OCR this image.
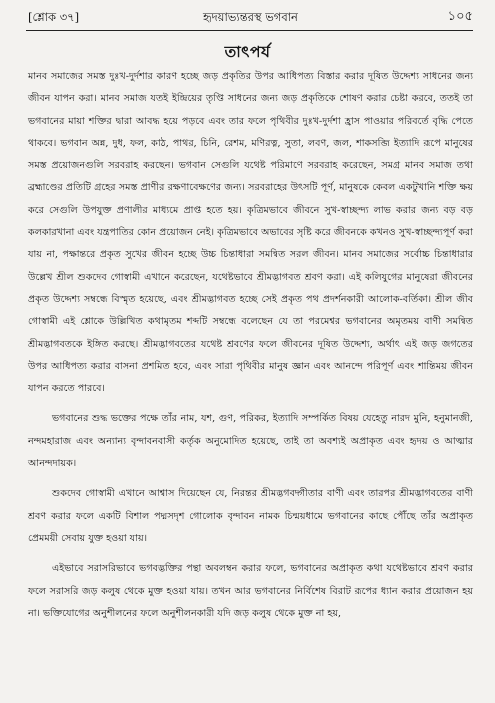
[শ্লোক ৩৭]	হৃদয়াভ্যন্তরস্থ ভগবান	১০৫
তাৎপর্য

মানব সমাজের সমস্ত দুঃখ-দুর্দশার কারণ হচ্ছে জড় প্রকৃতির উপর আধিপত্য বিস্তার করার দূষিত উদ্দেশ্য সাধনের জন্য জীবন যাপন করা। মানব সমাজ যতই ইন্দ্রিয়ের তৃপ্তি সাধনের জন্য জড় প্রকৃতিকে শোষণ করার চেষ্টা করবে, ততই তা ভগবানের মায়া শক্তির দ্বারা আবদ্ধ হয়ে পড়বে এবং তার ফলে পৃথিবীর দুঃখ-দুর্দশা হ্রাস পাওয়ার পরিবর্তে বৃদ্ধি পেতে থাকবে। ভগবান অন্ন, দুধ, ফল, কাঠ, পাথর, চিনি, রেশম, মণিরত্ন, সুতা, লবণ, জল, শাকসব্জি ইত্যাদি রূপে মানুষের সমস্ত প্রয়োজনগুলি সরবরাহ করছেন। ভগবান সেগুলি যথেষ্ট পরিমাণে সরবরাহ করেছেন, সমগ্র মানব সমাজ তথা ব্রহ্মাণ্ডের প্রতিটি গ্রহের সমস্ত প্রাণীর রক্ষণাবেক্ষণের জন্য। সরবরাহের উৎসটি পূর্ণ, মানুষকে কেবল একটুখানি শক্তি ক্ষয় করে সেগুলি উপযুক্ত প্রণালীর মাধ্যমে প্রাপ্ত হতে হয়। কৃত্রিমভাবে জীবনে সুখ-স্বাচ্ছন্দ্য লাভ করার জন্য বড় বড় কলকারখানা এবং যন্ত্রপাতির কোন প্রয়োজন নেই। কৃত্রিমভাবে অভাবের সৃষ্টি করে জীবনকে কখনও সুখ-স্বাচ্ছন্দ্যপূর্ণ করা যায় না, পক্ষান্তরে প্রকৃত সুখের জীবন হচ্ছে উচ্চ চিন্তাধারা সমন্বিত সরল জীবন। মানব সমাজের সর্বোচ্চ চিন্তাধারার উল্লেখ শ্রীল শুকদেব গোস্বামী এখানে করেছেন, যথেষ্টভাবে শ্রীমদ্ভাগবত শ্রবণ করা। এই কলিযুগের মানুষেরা জীবনের প্রকৃত উদ্দেশ্য সম্বন্ধে বিস্মৃত হয়েছে, এবং শ্রীমদ্ভাগবত হচ্ছে সেই প্রকৃত পথ প্রদর্শনকারী আলোক-বর্তিকা। শ্রীল জীব গোস্বামী এই শ্লোকে উল্লিখিত কথামৃতম শব্দটি সম্বন্ধে বলেছেন যে তা পরমেশ্বর ভগবানের অমৃতময় বাণী সমন্বিত শ্রীমদ্ভাগবতকে ইঙ্গিত করছে। শ্রীমদ্ভাগবতের যথেষ্ট শ্রবণের ফলে জীবনের দূষিত উদ্দেশ্য, অর্থাৎ এই জড় জগতের উপর আধিপত্য করার বাসনা প্রশমিত হবে, এবং সারা পৃথিবীর মানুষ জ্ঞান এবং আনন্দে পরিপূর্ণ এবং শান্তিময় জীবন যাপন করতে পারবে।

ভগবানের শুদ্ধ ভক্তের পক্ষে তাঁর নাম, যশ, গুণ, পরিকর, ইত্যাদি সম্পর্কিত বিষয় যেহেতু নারদ মুনি, হনুমানজী, নন্দমহারাজ এবং অন্যান্য বৃন্দাবনবাসী কর্তৃক অনুমোদিত হয়েছে, তাই তা অবশ্যই অপ্রাকৃত এবং হৃদয় ও আত্মার আনন্দদায়ক।

শুকদেব গোস্বামী এখানে আশ্বাস দিয়েছেন যে, নিরন্তর শ্রীমদ্ভগবদ্গীতার বাণী এবং তারপর শ্রীমদ্ভাগবতের বাণী শ্রবণ করার ফলে একটি বিশাল পদ্মসদৃশ গোলোক বৃন্দাবন নামক চিন্ময়ধামে ভগবানের কাছে পৌঁছে তাঁর অপ্রাকৃত প্রেমময়ী সেবায় যুক্ত হওয়া যায়।

এইভাবে সরাসরিভাবে ভগবদ্ভক্তির পন্থা অবলম্বন করার ফলে, ভগবানের অপ্রাকৃত কথা যথেষ্টভাবে শ্রবণ করার ফলে সরাসরি জড় কলুষ থেকে মুক্ত হওয়া যায়। তখন আর ভগবানের নির্বিশেষ বিরাট রূপের ধ্যান করার প্রয়োজন হয় না। ভক্তিযোগের অনুশীলনের ফলে অনুশীলনকারী যদি জড় কলুষ থেকে মুক্ত না হয়,
